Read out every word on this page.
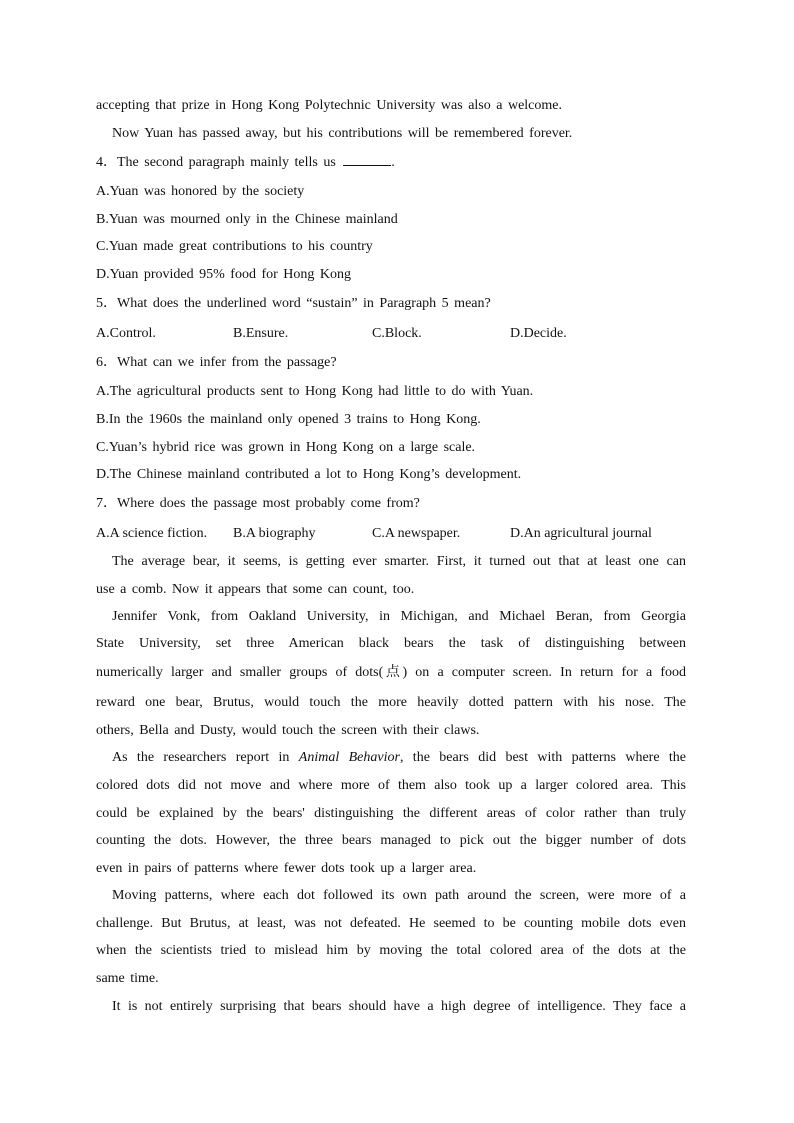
accepting that prize in Hong Kong Polytechnic University was also a welcome.
Now Yuan has passed away, but his contributions will be remembered forever.
4．The second paragraph mainly tells us	.
A.Yuan was honored by the society
B.Yuan was mourned only in the Chinese mainland
C.Yuan made great contributions to his country
D.Yuan provided 95% food for Hong Kong
5．What does the underlined word “sustain” in Paragraph 5 mean?
A.Control.	B.Ensure.	C.Block.	D.Decide.
6．What can we infer from the passage?
A.The agricultural products sent to Hong Kong had little to do with Yuan.
B.In the 1960s the mainland only opened 3 trains to Hong Kong.
C.Yuan’s hybrid rice was grown in Hong Kong on a large scale.
D.The Chinese mainland contributed a lot to Hong Kong’s development.
7．Where does the passage most probably come from?
A.A science fiction. B.A biography	C.A newspaper.	D.An agricultural journal
The average bear, it seems, is getting ever smarter. First, it turned out that at least one can
use a comb. Now it appears that some can count, too.
Jennifer Vonk, from Oakland University, in Michigan, and Michael Beran, from Georgia
State University, set three American black bears the task of distinguishing between
numerically larger and smaller groups of dots(点) on a computer screen. In return for a food
reward one bear, Brutus, would touch the more heavily dotted pattern with his nose. The
others, Bella and Dusty, would touch the screen with their claws.
As the researchers report in Animal Behavior, the bears did best with patterns where the
colored dots did not move and where more of them also took up a larger colored area. This
could be explained by the bears' distinguishing the different areas of color rather than truly
counting the dots. However, the three bears managed to pick out the bigger number of dots
even in pairs of patterns where fewer dots took up a larger area.
Moving patterns, where each dot followed its own path around the screen, were more of a
challenge. But Brutus, at least, was not defeated. He seemed to be counting mobile dots even
when the scientists tried to mislead him by moving the total colored area of the dots at the
same time.
It is not entirely surprising that bears should have a high degree of intelligence. They face a
